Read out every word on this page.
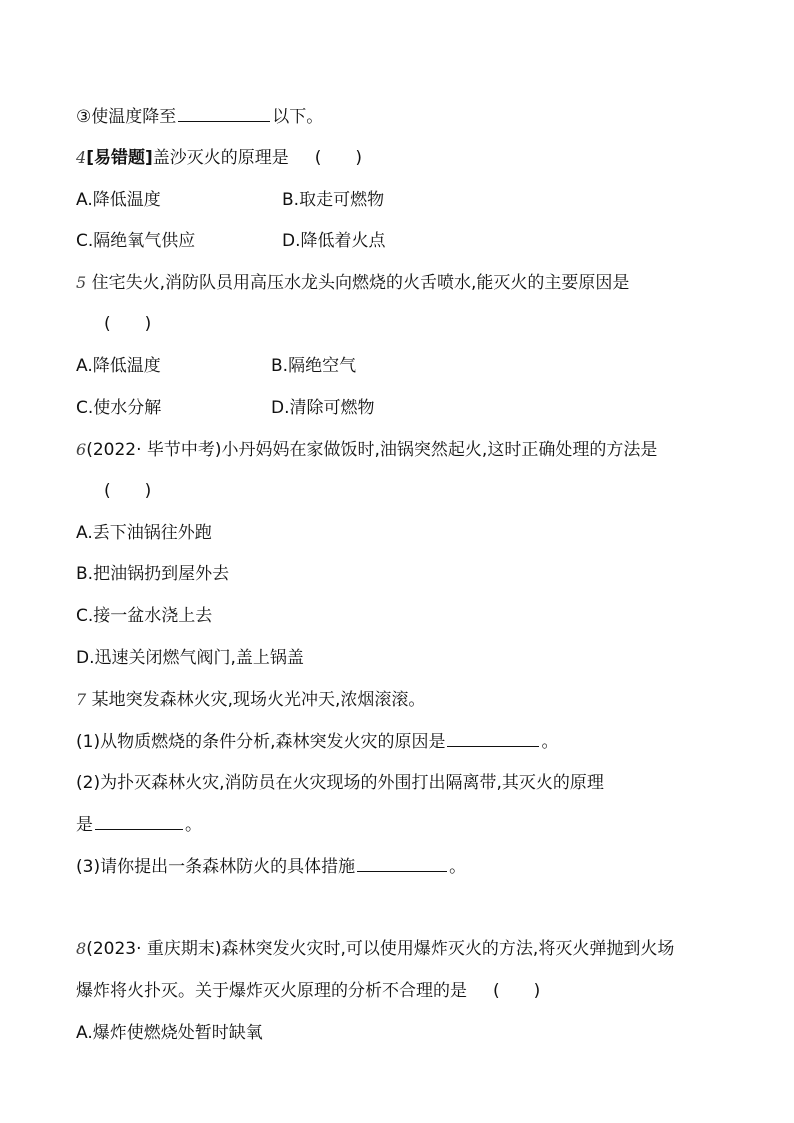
③使温度降至	以下。
4[易错题]盖沙灭火的原理是 ( )
A.降低温度	B.取走可燃物
C.隔绝氧气供应	D.降低着火点
5 住宅失火,消防队员用高压水龙头向燃烧的火舌喷水,能灭火的主要原因是
( )
A.降低温度	B.隔绝空气
C.使水分解	D.清除可燃物
6(2022· 毕节中考)小丹妈妈在家做饭时,油锅突然起火,这时正确处理的方法是
( )
A.丢下油锅往外跑
B.把油锅扔到屋外去
C.接一盆水浇上去
D.迅速关闭燃气阀门,盖上锅盖
7 某地突发森林火灾,现场火光冲天,浓烟滚滚。
(1)从物质燃烧的条件分析,森林突发火灾的原因是	。
(2)为扑灭森林火灾,消防员在火灾现场的外围打出隔离带,其灭火的原理
是	。
(3)请你提出一条森林防火的具体措施	。
8(2023· 重庆期末)森林突发火灾时,可以使用爆炸灭火的方法,将灭火弹抛到火场
爆炸将火扑灭。关于爆炸灭火原理的分析不合理的是 ( )
A.爆炸使燃烧处暂时缺氧
